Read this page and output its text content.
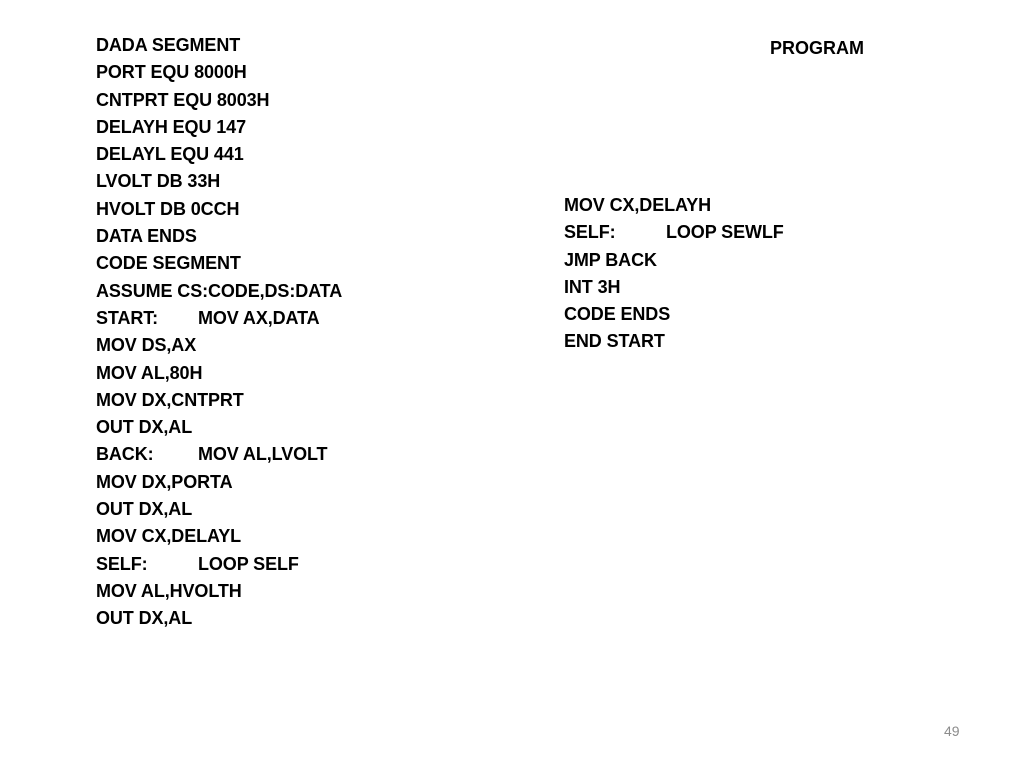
PROGRAM
DADA SEGMENT
PORT EQU 8000H
CNTPRT EQU 8003H
DELAYH EQU 147
DELAYL EQU 441
LVOLT DB 33H
HVOLT DB 0CCH
DATA ENDS
CODE SEGMENT
ASSUME CS:CODE,DS:DATA
START: MOV AX,DATA
MOV DS,AX
MOV AL,80H
MOV DX,CNTPRT
OUT DX,AL
BACK: MOV AL,LVOLT
MOV DX,PORTA
OUT DX,AL
MOV CX,DELAYL
SELF:	LOOP SELF
MOV AL,HVOLTH
OUT DX,AL
MOV CX,DELAYH
SELF:	LOOP SEWLF
JMP BACK
INT 3H
CODE ENDS
END START
49
